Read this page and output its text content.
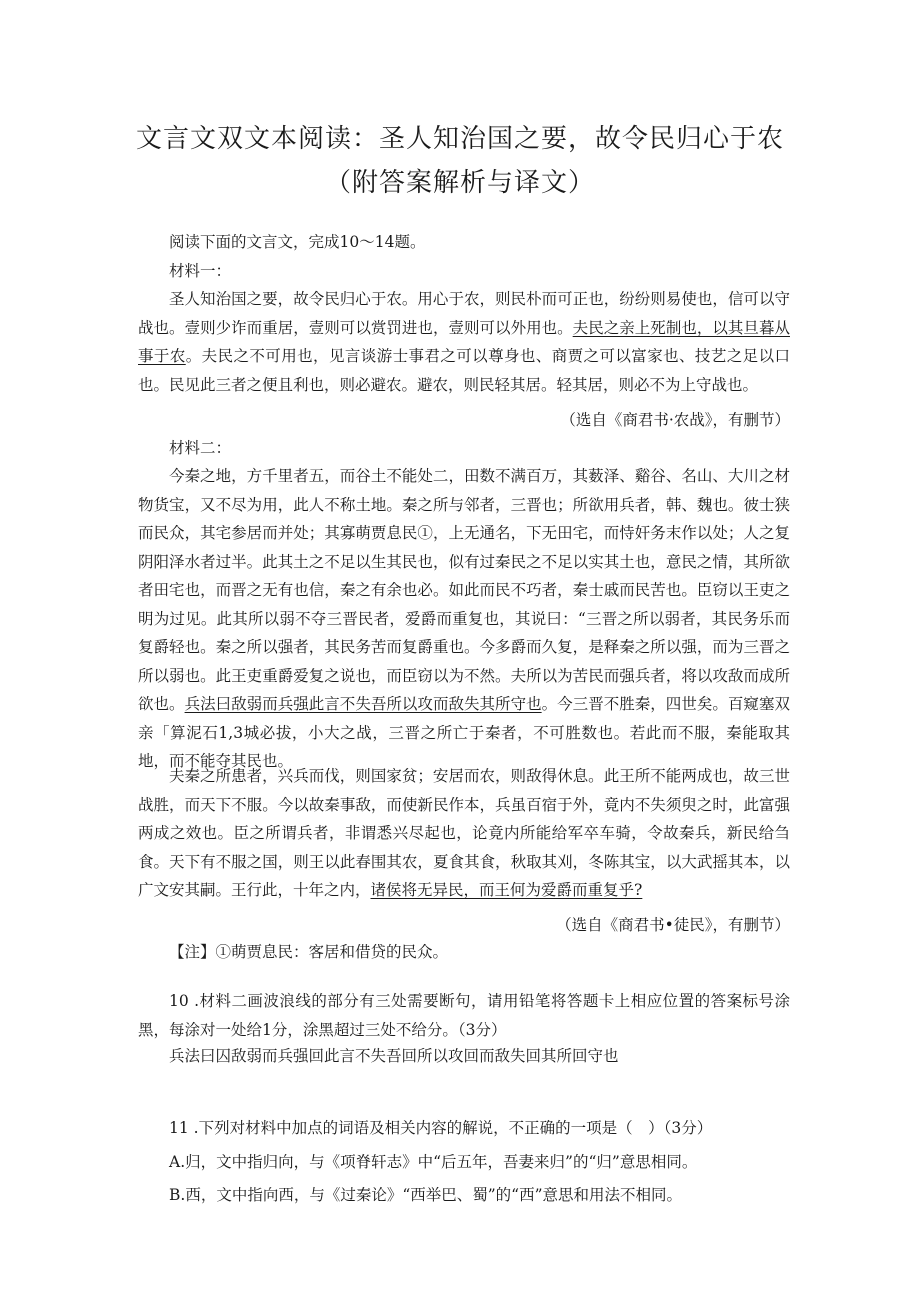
文言文双文本阅读：圣人知治国之要，故令民归心于农
（附答案解析与译文）
阅读下面的文言文，完成10～14题。
材料一：
圣人知治国之要，故令民归心于农。用心于农，则民朴而可正也，纷纷则易使也，信可以守战也。壹则少诈而重居，壹则可以赏罚进也，壹则可以外用也。夫民之亲上死制也，以其旦暮从事于农。夫民之不可用也，见言谈游士事君之可以尊身也、商贾之可以富家也、技艺之足以口也。民见此三者之便且利也，则必避农。避农，则民轻其居。轻其居，则必不为上守战也。
（选自《商君书·农战》，有删节）
材料二：
今秦之地，方千里者五，而谷土不能处二，田数不满百万，其薮泽、谿谷、名山、大川之材物货宝，又不尽为用，此人不称土地。秦之所与邻者，三晋也；所欲用兵者，韩、魏也。彼士狭而民众，其宅参居而并处；其寡萌贾息民①，上无通名，下无田宅，而恃奸务末作以处；人之复阴阳泽水者过半。此其土之不足以生其民也，似有过秦民之不足以实其土也，意民之情，其所欲者田宅也，而晋之无有也信，秦之有余也必。如此而民不巧者，秦士戚而民苦也。臣窃以王吏之明为过见。此其所以弱不夺三晋民者，爱爵而重复也，其说曰：“三晋之所以弱者，其民务乐而复爵轻也。秦之所以强者，其民务苦而复爵重也。今多爵而久复，是释秦之所以强，而为三晋之所以弱也。此王吏重爵爱复之说也，而臣窃以为不然。夫所以为苦民而强兵者，将以攻敌而成所欲也。兵法曰敌弱而兵强此言不失吾所以攻而敌失其所守也。今三晋不胜秦，四世矣。百窥塞双亲「算泥石1,3城必拔，小大之战，三晋之所亡于秦者，不可胜数也。若此而不服，秦能取其地，而不能夺其民也。
夫秦之所患者，兴兵而伐，则国家贫；安居而农，则敌得休息。此王所不能两成也，故三世战胜，而天下不服。今以故秦事敌，而使新民作本，兵虽百宿于外，竟内不失须臾之时，此富强两成之效也。臣之所谓兵者，非谓悉兴尽起也，论竟内所能给军卒车骑，令故秦兵，新民给刍食。天下有不服之国，则王以此春围其农，夏食其食，秋取其刈，冬陈其宝，以大武摇其本，以广文安其嗣。王行此，十年之内，诸侯将无异民，而王何为爱爵而重复乎?
（选自《商君书•徒民》，有删节）
【注】①萌贾息民：客居和借贷的民众。
10 .材料二画波浪线的部分有三处需要断句，请用铅笔将答题卡上相应位置的答案标号涂黑，每涂对一处给1分，涂黑超过三处不给分。（3分）
兵法曰囚敌弱而兵强回此言不失吾回所以攻回而敌失回其所回守也
11 .下列对材料中加点的词语及相关内容的解说，不正确的一项是（　）（3分）
A.归，文中指归向，与《项脊轩志》中“后五年，吾妻来归”的“归”意思相同。
B.西，文中指向西，与《过秦论》“西举巴、蜀”的“西”意思和用法不相同。
